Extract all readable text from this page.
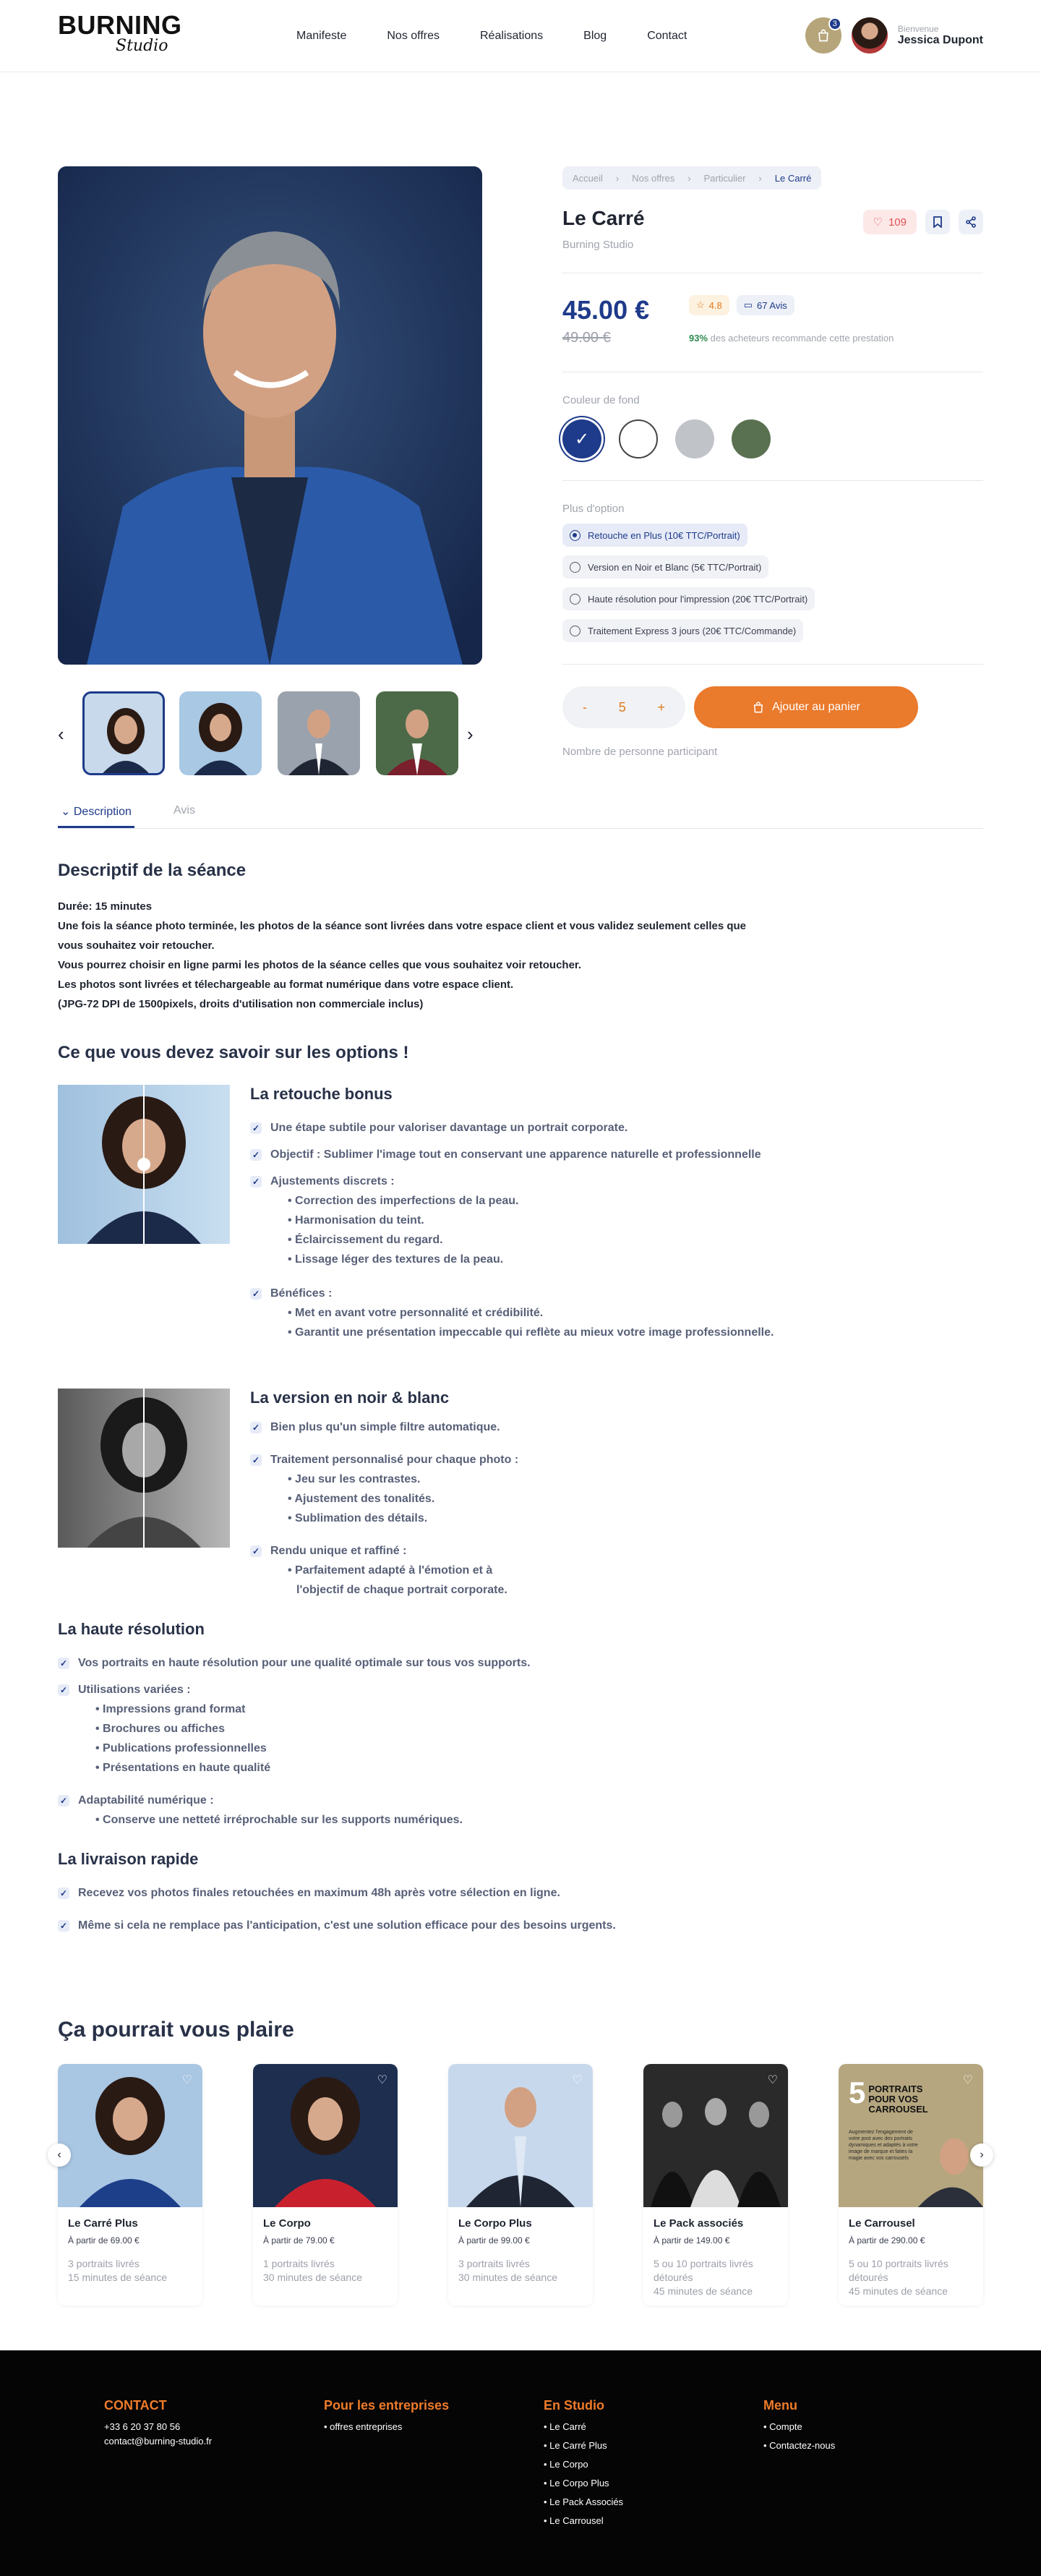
BURNING
Studio
Manifeste	Nos offres	Réalisations	Blog	Contact
3	Bienvenue
Jessica Dupont
‹	›
Accueil › Nos offres › Particulier › Le Carré
Le Carré
Burning Studio
♡ 109
45.00 €
49.00 €
☆ 4.8 ▭ 67 Avis
93% des acheteurs recommande cette prestation
Couleur de fond
✓
Plus d'option
Retouche en Plus (10€ TTC/Portrait)
Version en Noir et Blanc (5€ TTC/Portrait)
Haute résolution pour l'impression (20€ TTC/Portrait)
Traitement Express 3 jours (20€ TTC/Commande)
- 5 +	Ajouter au panier
Nombre de personne participant
⌄ Description	Avis
Descriptif de la séance
Durée: 15 minutes
Une fois la séance photo terminée, les photos de la séance sont livrées dans votre espace client et vous validez seulement celles que
vous souhaitez voir retoucher.
Vous pourrez choisir en ligne parmi les photos de la séance celles que vous souhaitez voir retoucher.
Les photos sont livrées et télechargeable au format numérique dans votre espace client.
(JPG-72 DPI de 1500pixels, droits d'utilisation non commerciale inclus)
Ce que vous devez savoir sur les options !
La retouche bonus
✓ Une étape subtile pour valoriser davantage un portrait corporate.
✓ Objectif : Sublimer l'image tout en conservant une apparence naturelle et professionnelle
✓ Ajustements discrets :
• Correction des imperfections de la peau.
• Harmonisation du teint.
• Éclaircissement du regard.
• Lissage léger des textures de la peau.
✓ Bénéfices :
• Met en avant votre personnalité et crédibilité.
• Garantit une présentation impeccable qui reflète au mieux votre image professionnelle.
La version en noir & blanc
✓ Bien plus qu'un simple filtre automatique.
✓ Traitement personnalisé pour chaque photo :
• Jeu sur les contrastes.
• Ajustement des tonalités.
• Sublimation des détails.
✓ Rendu unique et raffiné :
• Parfaitement adapté à l'émotion et à
l'objectif de chaque portrait corporate.
La haute résolution
✓ Vos portraits en haute résolution pour une qualité optimale sur tous vos supports.
✓ Utilisations variées :
• Impressions grand format
• Brochures ou affiches
• Publications professionnelles
• Présentations en haute qualité
✓ Adaptabilité numérique :
• Conserve une netteté irréprochable sur les supports numériques.
La livraison rapide
✓ Recevez vos photos finales retouchées en maximum 48h après votre sélection en ligne.
✓ Même si cela ne remplace pas l'anticipation, c'est une solution efficace pour des besoins urgents.
Ça pourrait vous plaire
♡
Le Carré Plus
À partir de 69.00 €
3 portraits livrés
15 minutes de séance
♡
Le Corpo
À partir de 79.00 €
1 portraits livrés
30 minutes de séance
♡
Le Corpo Plus
À partir de 99.00 €
3 portraits livrés
30 minutes de séance
♡
Le Pack associés
À partir de 149.00 €
5 ou 10 portraits livrés
détourés
45 minutes de séance
5 PORTRAITS POUR VOS CARROUSEL
Augmentez l'engagement de votre post avec des portraits dynamiques et adaptés à votre image de marque et faites la magie avec vos carrousels
♡
Le Carrousel
À partir de 290.00 €
5 ou 10 portraits livrés
détourés
45 minutes de séance
‹	›
CONTACT
+33 6 20 37 80 56
contact@burning-studio.fr
Pour les entreprises
• offres entreprises
En Studio
• Le Carré
• Le Carré Plus
• Le Corpo
• Le Corpo Plus
• Le Pack Associés
• Le Carrousel
Menu
• Compte
• Contactez-nous
